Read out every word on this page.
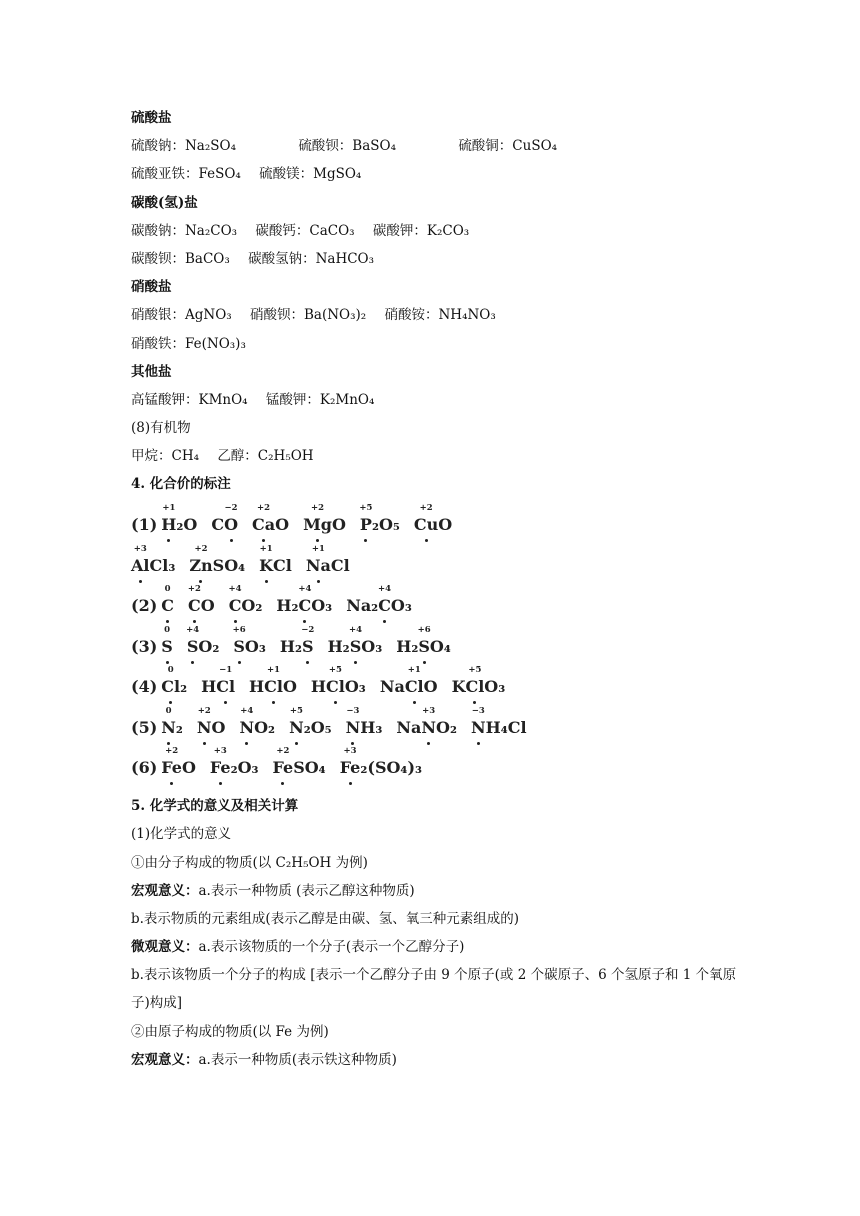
硫酸盐
硫酸钠：Na₂SO₄	硫酸钡：BaSO₄	硫酸铜：CuSO₄
硫酸亚铁：FeSO₄ 硫酸镁：MgSO₄
碳酸(氢)盐
碳酸钠：Na₂CO₃ 碳酸钙：CaCO₃ 碳酸钾：K₂CO₃
碳酸钡：BaCO₃ 碳酸氢钠：NaHCO₃
硝酸盐
硝酸银：AgNO₃ 硝酸钡：Ba(NO₃)₂ 硝酸铵：NH₄NO₃
硝酸铁：Fe(NO₃)₃
其他盐
高锰酸钾：KMnO₄ 锰酸钾：K₂MnO₄
(8)有机物
甲烷：CH₄ 乙醇：C₂H₅OH
4. 化合价的标注
(1) +1 H ₂O C −2 O +2 Ca O +2 Mg O +5 P ₂O₅ +2 Cu O
+3 Al Cl₃ +2 Zn SO₄ +1 K Cl +1 Na Cl
(2) 0 C +2 C O +4 C O₂ H₂ +4 C O₃ Na₂ +4 C O₃
(3) 0 S +4 S O₂ +6 S O₃ H₂ −2 S H₂ +4 S O₃ H₂ +6 S O₄
(4) 0 Cl ₂ H −1 Cl H +1 Cl O H +5 Cl O₃ Na +1 Cl O K +5 Cl O₃
(5) 0 N ₂ +2 N O +4 N O₂ +5 N ₂O₅ −3 N H₃ Na +3 N O₂ −3 N H₄Cl
(6) +2 Fe O +3 Fe ₂O₃ +2 Fe SO₄ +3 Fe ₂(SO₄)₃
5. 化学式的意义及相关计算
(1)化学式的意义
①由分子构成的物质(以 C₂H₅OH 为例)
宏观意义：a.表示一种物质 (表示乙醇这种物质)
b.表示物质的元素组成(表示乙醇是由碳、氢、氧三种元素组成的)
微观意义：a.表示该物质的一个分子(表示一个乙醇分子)
b.表示该物质一个分子的构成 [表示一个乙醇分子由 9 个原子(或 2 个碳原子、6 个氢原子和 1 个氧原子)构成]
②由原子构成的物质(以 Fe 为例)
宏观意义：a.表示一种物质(表示铁这种物质)
